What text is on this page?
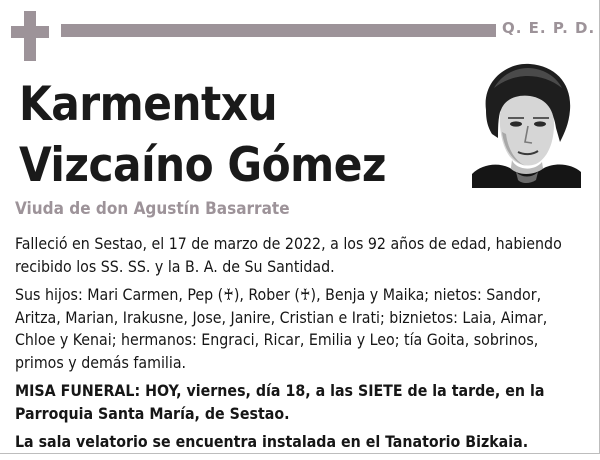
Q. E. P. D.
Karmentxu
Vizcaíno Gómez
Viuda de don Agustín Basarrate

Falleció en Sestao, el 17 de marzo de 2022, a los 92 años de edad, habiendo recibido los SS. SS. y la B. A. de Su Santidad.

Sus hijos: Mari Carmen, Pep (♰), Rober (♰), Benja y Maika; nietos: Sandor, Aritza, Marian, Irakusne, Jose, Janire, Cristian e Irati; biznietos: Laia, Aimar, Chloe y Kenai; hermanos: Engraci, Ricar, Emilia y Leo; tía Goita, sobrinos, primos y demás familia.

MISA FUNERAL: HOY, viernes, día 18, a las SIETE de la tarde, en la Parroquia Santa María, de Sestao.

La sala velatorio se encuentra instalada en el Tanatorio Bizkaia.
